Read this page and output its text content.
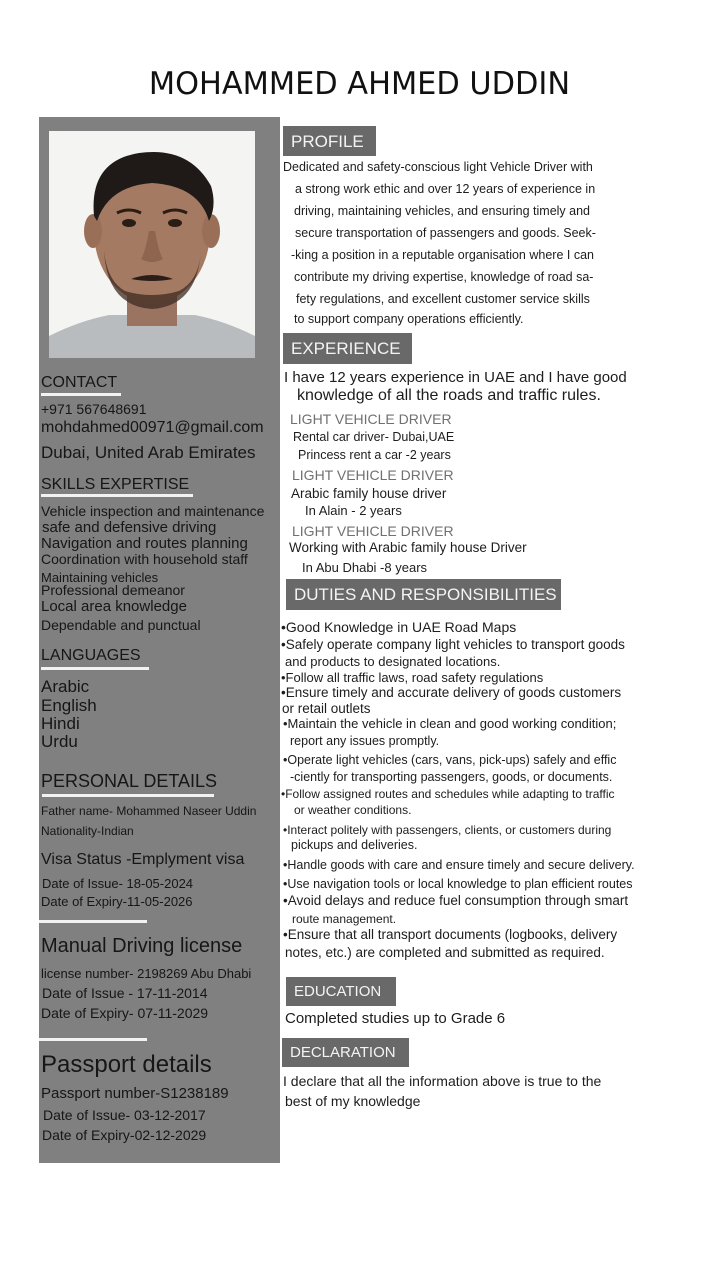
MOHAMMED AHMED UDDIN
CONTACT
+971 567648691
mohdahmed00971@gmail.com
Dubai, United Arab Emirates
SKILLS EXPERTISE
Vehicle inspection and maintenance
safe and defensive driving
Navigation and routes planning
Coordination with household staff
Maintaining vehicles
Professional demeanor
Local area knowledge
Dependable and punctual
LANGUAGES
Arabic
English
Hindi
Urdu
PERSONAL DETAILS
Father name- Mohammed Naseer Uddin
Nationality-Indian
Visa Status -Emplyment visa
Date of Issue- 18-05-2024
Date of Expiry-11-05-2026
Manual Driving license
license number- 2198269 Abu Dhabi
Date of Issue - 17-11-2014
Date of Expiry- 07-11-2029
Passport details
Passport number-S1238189
Date of Issue- 03-12-2017
Date of Expiry-02-12-2029
PROFILE
Dedicated and safety-conscious light Vehicle Driver with
a strong work ethic and over 12 years of experience in
driving, maintaining vehicles, and ensuring timely and
secure transportation of passengers and goods. Seek-
-king a position in a reputable organisation where I can
contribute my driving expertise, knowledge of road sa-
fety regulations, and excellent customer service skills
to support company operations efficiently.
EXPERIENCE
I have 12 years experience in UAE and I have good
knowledge of all the roads and traffic rules.
LIGHT VEHICLE DRIVER
Rental car driver- Dubai,UAE
Princess rent a car -2 years
LIGHT VEHICLE DRIVER
Arabic family house driver
In Alain - 2 years
LIGHT VEHICLE DRIVER
Working with Arabic family house Driver
In Abu Dhabi -8 years
DUTIES AND RESPONSIBILITIES
•Good Knowledge in UAE Road Maps
•Safely operate company light vehicles to transport goods
and products to designated locations.
•Follow all traffic laws, road safety regulations
•Ensure timely and accurate delivery of goods customers
or retail outlets
•Maintain the vehicle in clean and good working condition;
report any issues promptly.
•Operate light vehicles (cars, vans, pick-ups) safely and effic
-ciently for transporting passengers, goods, or documents.
•Follow assigned routes and schedules while adapting to traffic
or weather conditions.
•Interact politely with passengers, clients, or customers during
pickups and deliveries.
•Handle goods with care and ensure timely and secure delivery.
•Use navigation tools or local knowledge to plan efficient routes
•Avoid delays and reduce fuel consumption through smart
route management.
•Ensure that all transport documents (logbooks, delivery
notes, etc.) are completed and submitted as required.
EDUCATION
Completed studies up to Grade 6
DECLARATION
I declare that all the information above is true to the
best of my knowledge
